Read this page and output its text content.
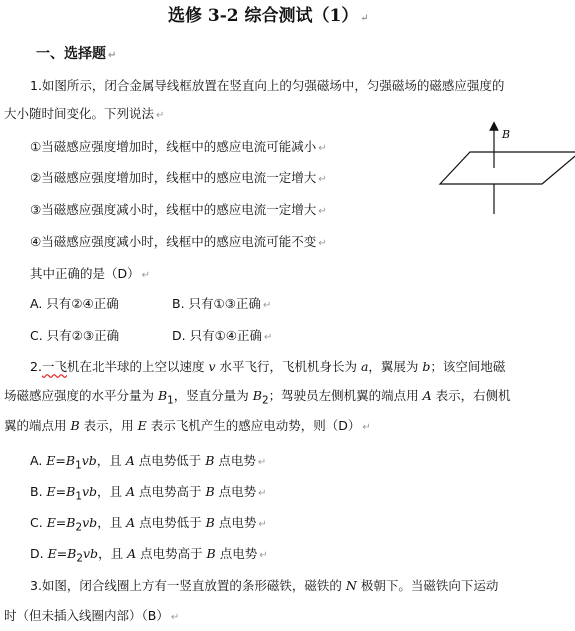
选修 3-2 综合测试（1） ↵
一、选择题 ↵
1.如图所示，闭合金属导线框放置在竖直向上的匀强磁场中，匀强磁场的磁感应强度的
大小随时间变化。下列说法 ↵
①当磁感应强度增加时，线框中的感应电流可能减小 ↵
②当磁感应强度增加时，线框中的感应电流一定增大 ↵
③当磁感应强度减小时，线框中的感应电流一定增大 ↵
④当磁感应强度减小时，线框中的感应电流可能不变 ↵
其中正确的是（D） ↵
A. 只有②④正确	B. 只有①③正确 ↵
C. 只有②③正确	D. 只有①④正确 ↵
B
2.一飞机在北半球的上空以速度 v 水平飞行，飞机机身长为 a，翼展为 b；该空间地磁
场磁感应强度的水平分量为 $B_1$，竖直分量为 $B_2$；驾驶员左侧机翼的端点用 A 表示，右侧机
翼的端点用 B 表示，用 E 表示飞机产生的感应电动势，则（D） ↵
A. $E=B_1vb$，且 A 点电势低于 B 点电势 ↵
B. $E=B_1vb$，且 A 点电势高于 B 点电势 ↵
C. $E=B_2vb$，且 A 点电势低于 B 点电势 ↵
D. $E=B_2vb$，且 A 点电势高于 B 点电势 ↵
3.如图，闭合线圈上方有一竖直放置的条形磁铁，磁铁的 N 极朝下。当磁铁向下运动
时（但未插入线圈内部）（B） ↵
